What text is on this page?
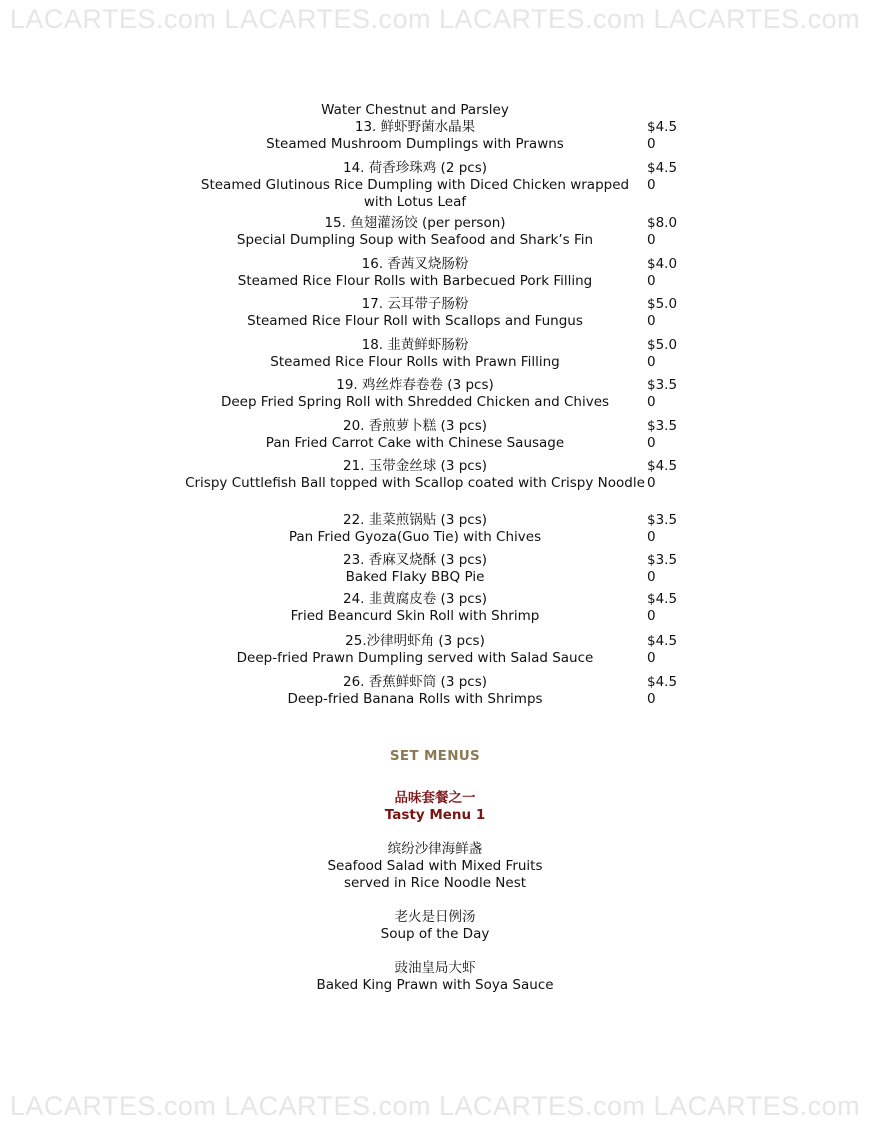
LACARTES.com LACARTES.com LACARTES.com LACARTES.com
Water Chestnut and Parsley
13. 鲜虾野菌水晶果
Steamed Mushroom Dumplings with Prawns
$4.5
0
14. 荷香珍珠鸡 (2 pcs)
Steamed Glutinous Rice Dumpling with Diced Chicken wrapped with Lotus Leaf
$4.5
0
15. 鱼翅灌汤饺 (per person)
Special Dumpling Soup with Seafood and Shark’s Fin
$8.0
0
16. 香茜叉烧肠粉
Steamed Rice Flour Rolls with Barbecued Pork Filling
$4.0
0
17. 云耳带子肠粉
Steamed Rice Flour Roll with Scallops and Fungus
$5.0
0
18. 韭黄鲜虾肠粉
Steamed Rice Flour Rolls with Prawn Filling
$5.0
0
19. 鸡丝炸春卷卷 (3 pcs)
Deep Fried Spring Roll with Shredded Chicken and Chives
$3.5
0
20. 香煎萝卜糕 (3 pcs)
Pan Fried Carrot Cake with Chinese Sausage
$3.5
0
21. 玉带金丝球 (3 pcs)
Crispy Cuttlefish Ball topped with Scallop coated with Crispy Noodle
$4.5
0
22. 韭菜煎锅贴 (3 pcs)
Pan Fried Gyoza(Guo Tie) with Chives
$3.5
0
23. 香麻叉烧酥 (3 pcs)
Baked Flaky BBQ Pie
$3.5
0
24. 韭黄腐皮卷 (3 pcs)
Fried Beancurd Skin Roll with Shrimp
$4.5
0
25.沙律明虾角 (3 pcs)
Deep-fried Prawn Dumpling served with Salad Sauce
$4.5
0
26. 香蕉鲜虾筒 (3 pcs)
Deep-fried Banana Rolls with Shrimps
$4.5
0
SET MENUS
品味套餐之一
Tasty Menu 1
缤纷沙律海鲜盏
Seafood Salad with Mixed Fruits
served in Rice Noodle Nest
老火是日例汤
Soup of the Day
豉油皇局大虾
Baked King Prawn with Soya Sauce
LACARTES.com LACARTES.com LACARTES.com LACARTES.com
